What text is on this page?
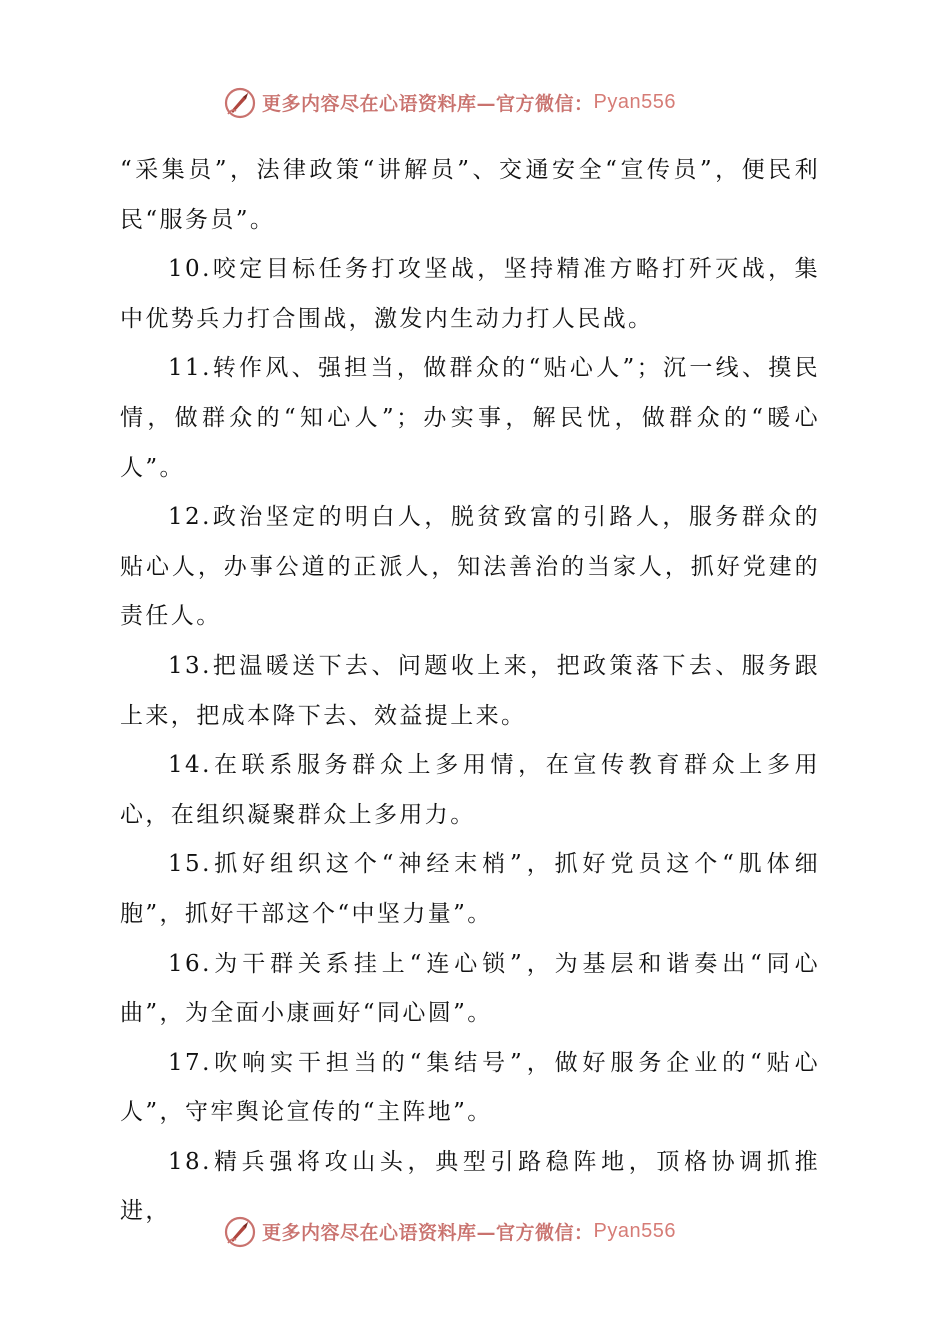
更多内容尽在心语资料库—官方微信： Pyan556

“采集员”，法律政策“讲解员”、交通安全“宣传员”，便民利民“服务员”。

10.咬定目标任务打攻坚战，坚持精准方略打歼灭战，集中优势兵力打合围战，激发内生动力打人民战。

11.转作风、强担当，做群众的“贴心人”；沉一线、摸民情，做群众的“知心人”；办实事，解民忧，做群众的“暖心人”。

12.政治坚定的明白人，脱贫致富的引路人，服务群众的贴心人，办事公道的正派人，知法善治的当家人，抓好党建的责任人。

13.把温暖送下去、问题收上来，把政策落下去、服务跟上来，把成本降下去、效益提上来。

14.在联系服务群众上多用情，在宣传教育群众上多用心，在组织凝聚群众上多用力。

15.抓好组织这个“神经末梢”，抓好党员这个“肌体细胞”，抓好干部这个“中坚力量”。

16.为干群关系挂上“连心锁”，为基层和谐奏出“同心曲”，为全面小康画好“同心圆”。

17.吹响实干担当的“集结号”，做好服务企业的“贴心人”，守牢舆论宣传的“主阵地”。

18.精兵强将攻山头，典型引路稳阵地，顶格协调抓推进，

更多内容尽在心语资料库—官方微信： Pyan556
